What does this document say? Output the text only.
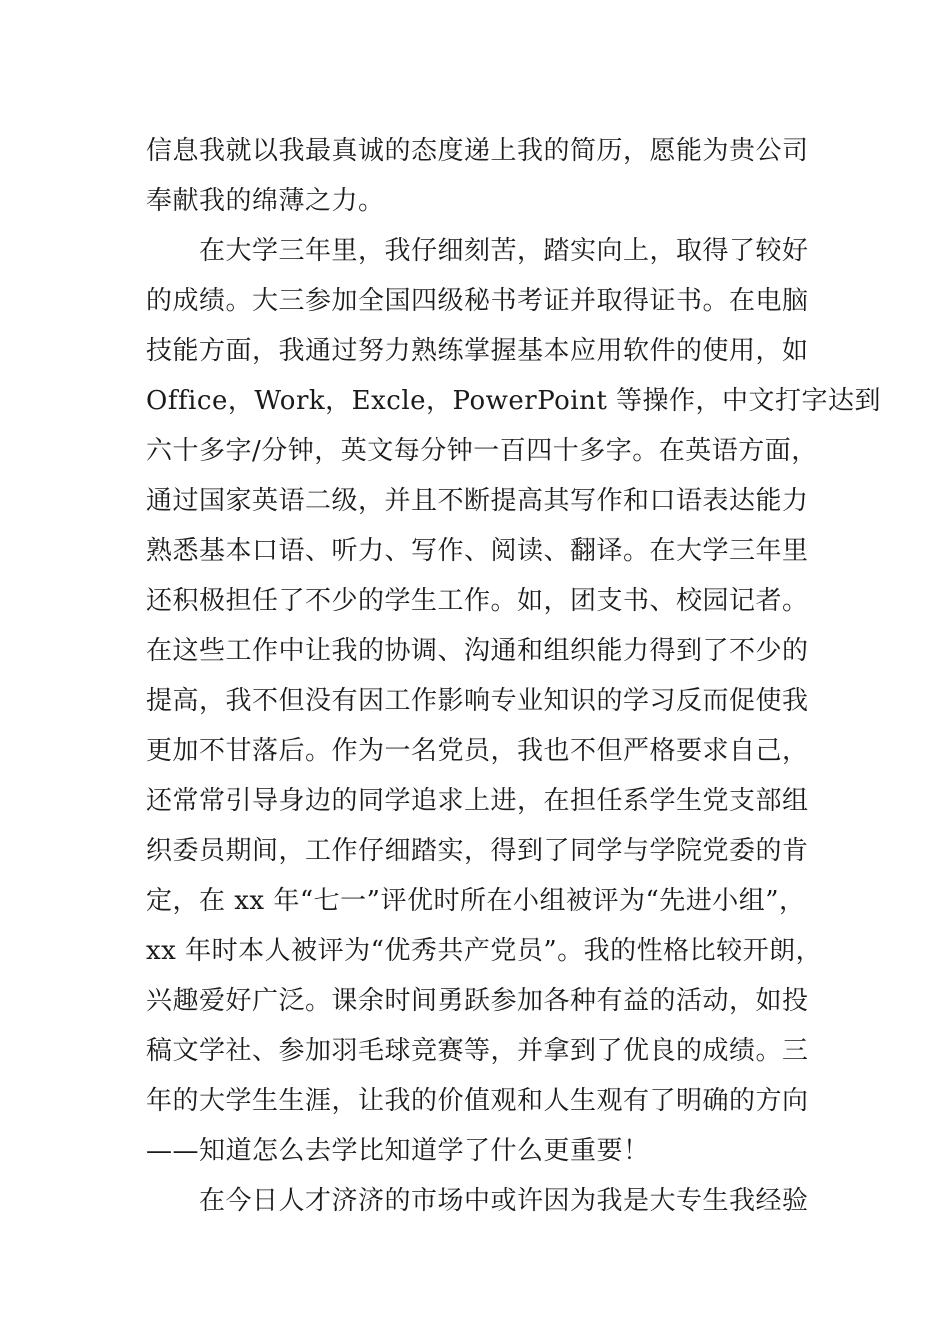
信息我就以我最真诚的态度递上我的简历，愿能为贵公司
奉献我的绵薄之力。
在大学三年里，我仔细刻苦，踏实向上，取得了较好
的成绩。大三参加全国四级秘书考证并取得证书。在电脑
技能方面，我通过努力熟练掌握基本应用软件的使用，如
Office，Work，Excle，PowerPoint 等操作，中文打字达到
六十多字/分钟，英文每分钟一百四十多字。在英语方面，
通过国家英语二级，并且不断提高其写作和口语表达能力
熟悉基本口语、听力、写作、阅读、翻译。在大学三年里
还积极担任了不少的学生工作。如，团支书、校园记者。
在这些工作中让我的协调、沟通和组织能力得到了不少的
提高，我不但没有因工作影响专业知识的学习反而促使我
更加不甘落后。作为一名党员，我也不但严格要求自己，
还常常引导身边的同学追求上进，在担任系学生党支部组
织委员期间，工作仔细踏实，得到了同学与学院党委的肯
定，在 xx 年“七一”评优时所在小组被评为“先进小组”，
xx 年时本人被评为“优秀共产党员”。我的性格比较开朗，
兴趣爱好广泛。课余时间勇跃参加各种有益的活动，如投
稿文学社、参加羽毛球竞赛等，并拿到了优良的成绩。三
年的大学生生涯，让我的价值观和人生观有了明确的方向
——知道怎么去学比知道学了什么更重要！
在今日人才济济的市场中或许因为我是大专生我经验
